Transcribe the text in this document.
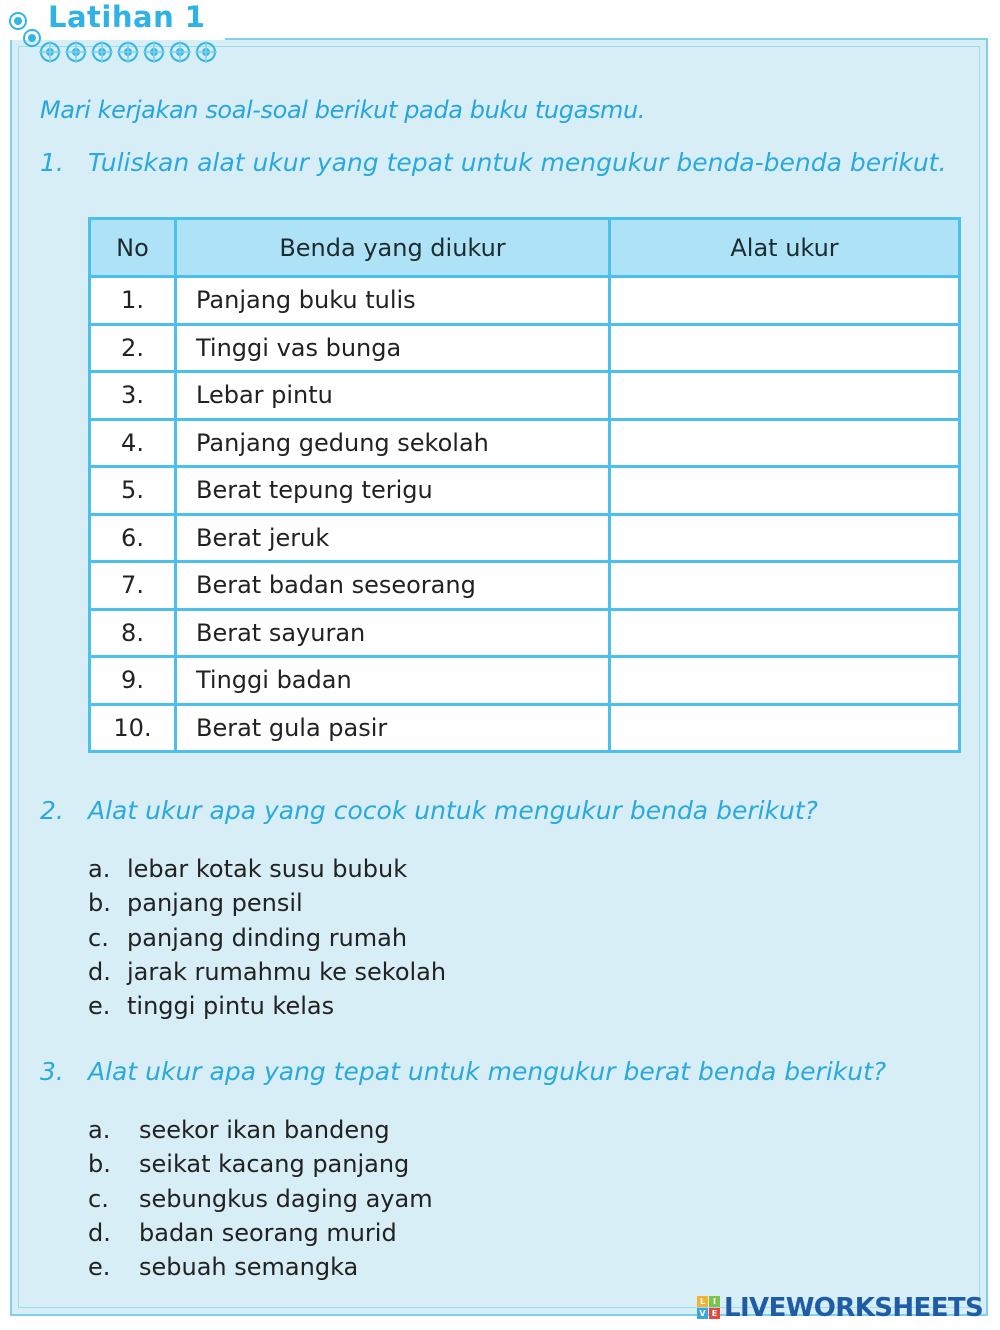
Latihan 1
Mari kerjakan soal-soal berikut pada buku tugasmu.
1. Tuliskan alat ukur yang tepat untuk mengukur benda-benda berikut.
No	Benda yang diukur	Alat ukur
1.	Panjang buku tulis	
2.	Tinggi vas bunga	
3.	Lebar pintu	
4.	Panjang gedung sekolah	
5.	Berat tepung terigu	
6.	Berat jeruk	
7.	Berat badan seseorang	
8.	Berat sayuran	
9.	Tinggi badan	
10.	Berat gula pasir	
2. Alat ukur apa yang cocok untuk mengukur benda berikut?
a. lebar kotak susu bubuk
b. panjang pensil
c. panjang dinding rumah
d. jarak rumahmu ke sekolah
e. tinggi pintu kelas
3. Alat ukur apa yang tepat untuk mengukur berat benda berikut?
a. seekor ikan bandeng
b. seikat kacang panjang
c. sebungkus daging ayam
d. badan seorang murid
e. sebuah semangka
L I
V E LIVEWORKSHEETS
